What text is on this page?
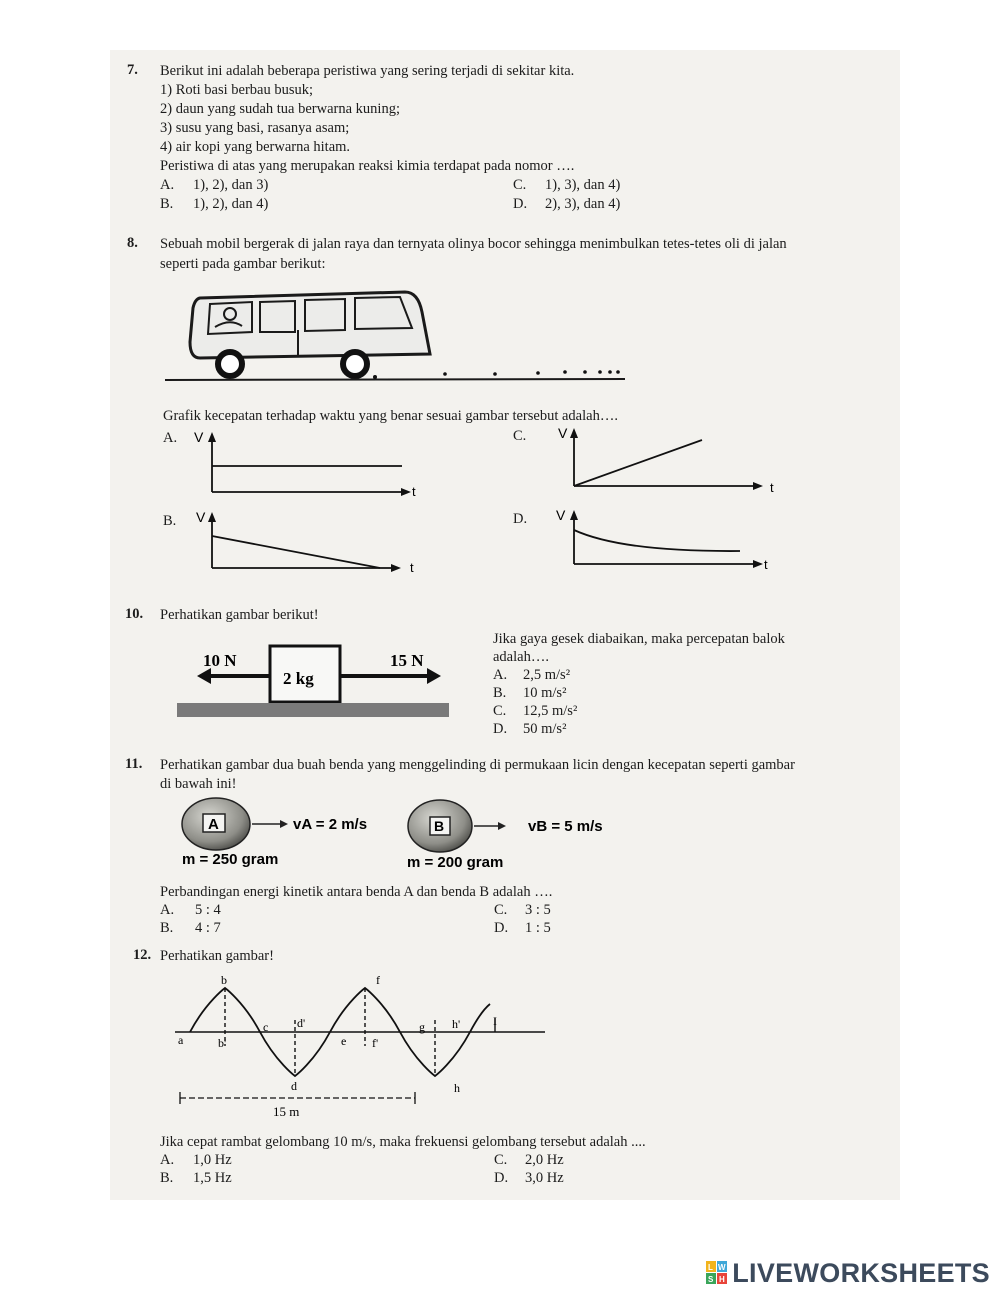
7. Berikut ini adalah beberapa peristiwa yang sering terjadi di sekitar kita.
1) Roti basi berbau busuk;
2) daun yang sudah tua berwarna kuning;
3) susu yang basi, rasanya asam;
4) air kopi yang berwarna hitam.
Peristiwa di atas yang merupakan reaksi kimia terdapat pada nomor ….
A. 1), 2), dan 3)
B. 1), 2), dan 4)
C. 1), 3), dan 4)
D. 2), 3), dan 4)
8. Sebuah mobil bergerak di jalan raya dan ternyata olinya bocor sehingga menimbulkan tetes-tetes oli di jalan
seperti pada gambar berikut:
Grafik kecepatan terhadap waktu yang benar sesuai gambar tersebut adalah….
A. V
t
B. V
t
C. V
t
D. V
t
10. Perhatikan gambar berikut!
10 N
2 kg
15 N
Jika gaya gesek diabaikan, maka percepatan balok
adalah….
A. 2,5 m/s²
B. 10 m/s²
C. 12,5 m/s²
D. 50 m/s²
11. Perhatikan gambar dua buah benda yang menggelinding di permukaan licin dengan kecepatan seperti gambar
di bawah ini!
A	vA = 2 m/s
m = 250 gram
B	vB = 5 m/s
m = 200 gram
Perbandingan energi kinetik antara benda A dan benda B adalah ….
A. 5 : 4
B. 4 : 7
C. 3 : 5
D. 1 : 5
12. Perhatikan gambar!
a
b
b'
c d'
d
e
f
f'
g h'
h
I
15 m
Jika cepat rambat gelombang 10 m/s, maka frekuensi gelombang tersebut adalah ....
A. 1,0 Hz
B. 1,5 Hz
C. 2,0 Hz
D. 3,0 Hz
L W
S H LIVEWORKSHEETS
